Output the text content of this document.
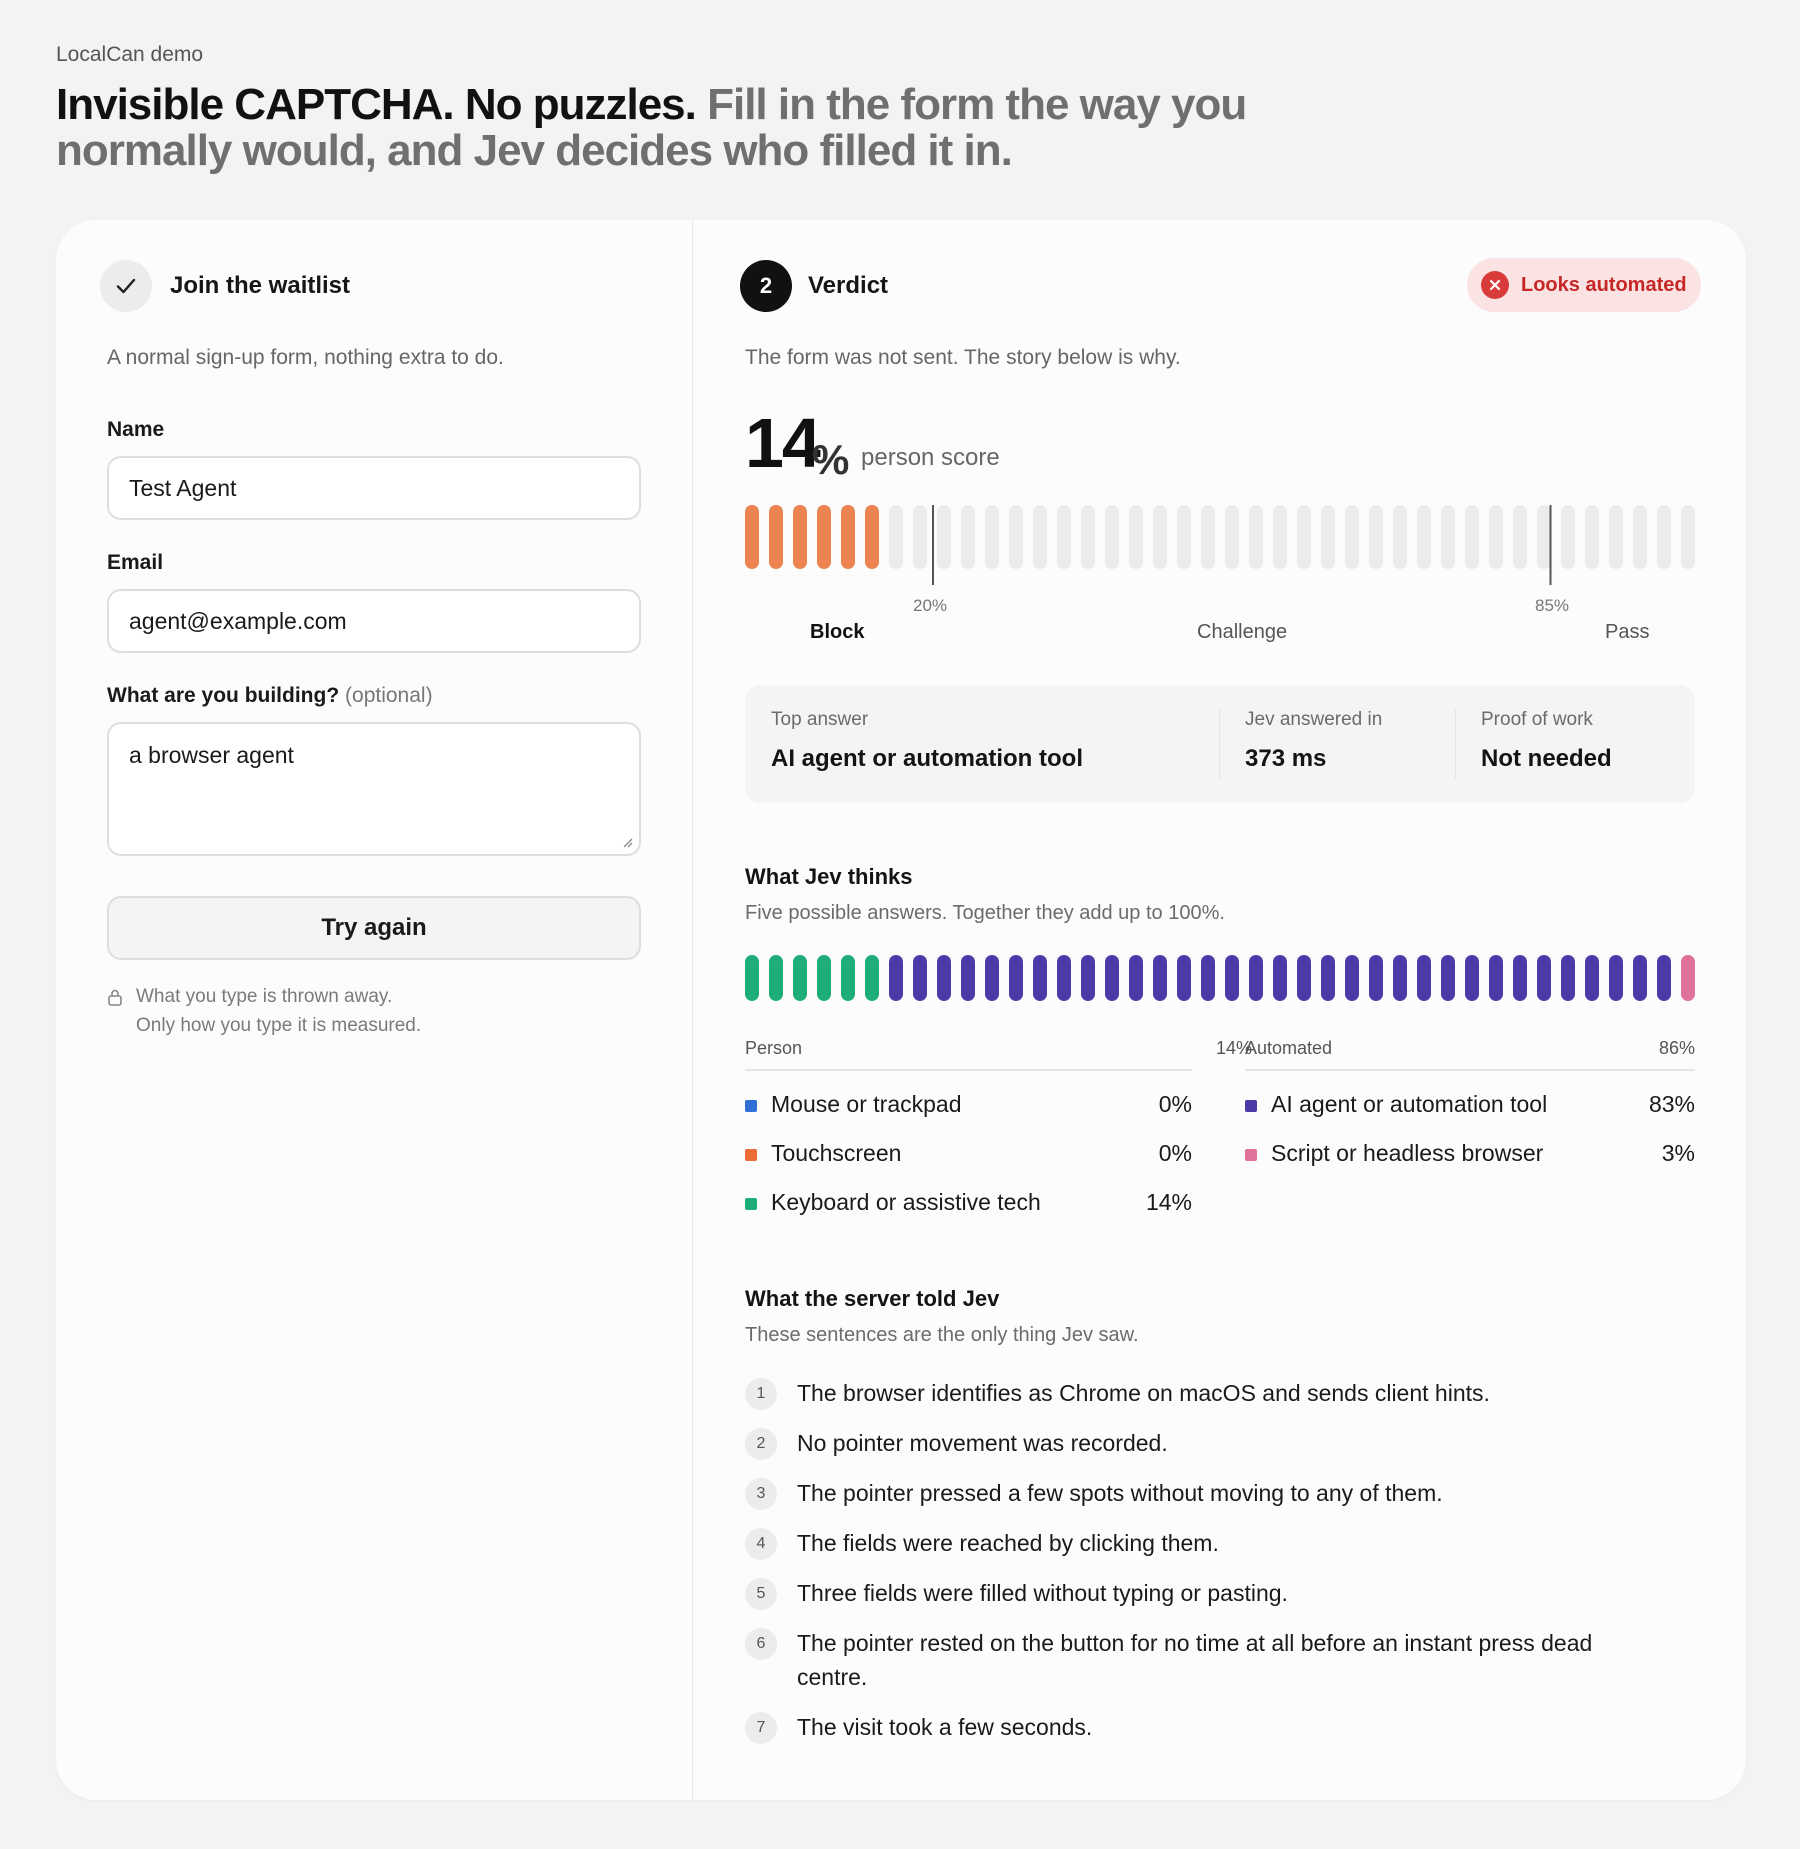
LocalCan demo
Invisible CAPTCHA. No puzzles. Fill in the form the way you normally would, and Jev decides who filled it in.
Join the waitlist
A normal sign-up form, nothing extra to do.
Name
Test Agent
Email
agent@example.com
What are you building? (optional)
a browser agent
Try again
What you type is thrown away.
Only how you type it is measured.
2	Verdict	Looks automated
The form was not sent. The story below is why.
14
% person score
20%	85%
Block	Challenge	Pass
Top answer
AI agent or automation tool
Jev answered in
373 ms
Proof of work
Not needed
What Jev thinks
Five possible answers. Together they add up to 100%.
Person	14%
Automated	86%
Mouse or trackpad	0%
Touchscreen	0%
Keyboard or assistive tech	14%
AI agent or automation tool	83%
Script or headless browser	3%
What the server told Jev
These sentences are the only thing Jev saw.
1	The browser identifies as Chrome on macOS and sends client hints.
2	No pointer movement was recorded.
3	The pointer pressed a few spots without moving to any of them.
4	The fields were reached by clicking them.
5	Three fields were filled without typing or pasting.
6	The pointer rested on the button for no time at all before an instant press dead centre.
7	The visit took a few seconds.
